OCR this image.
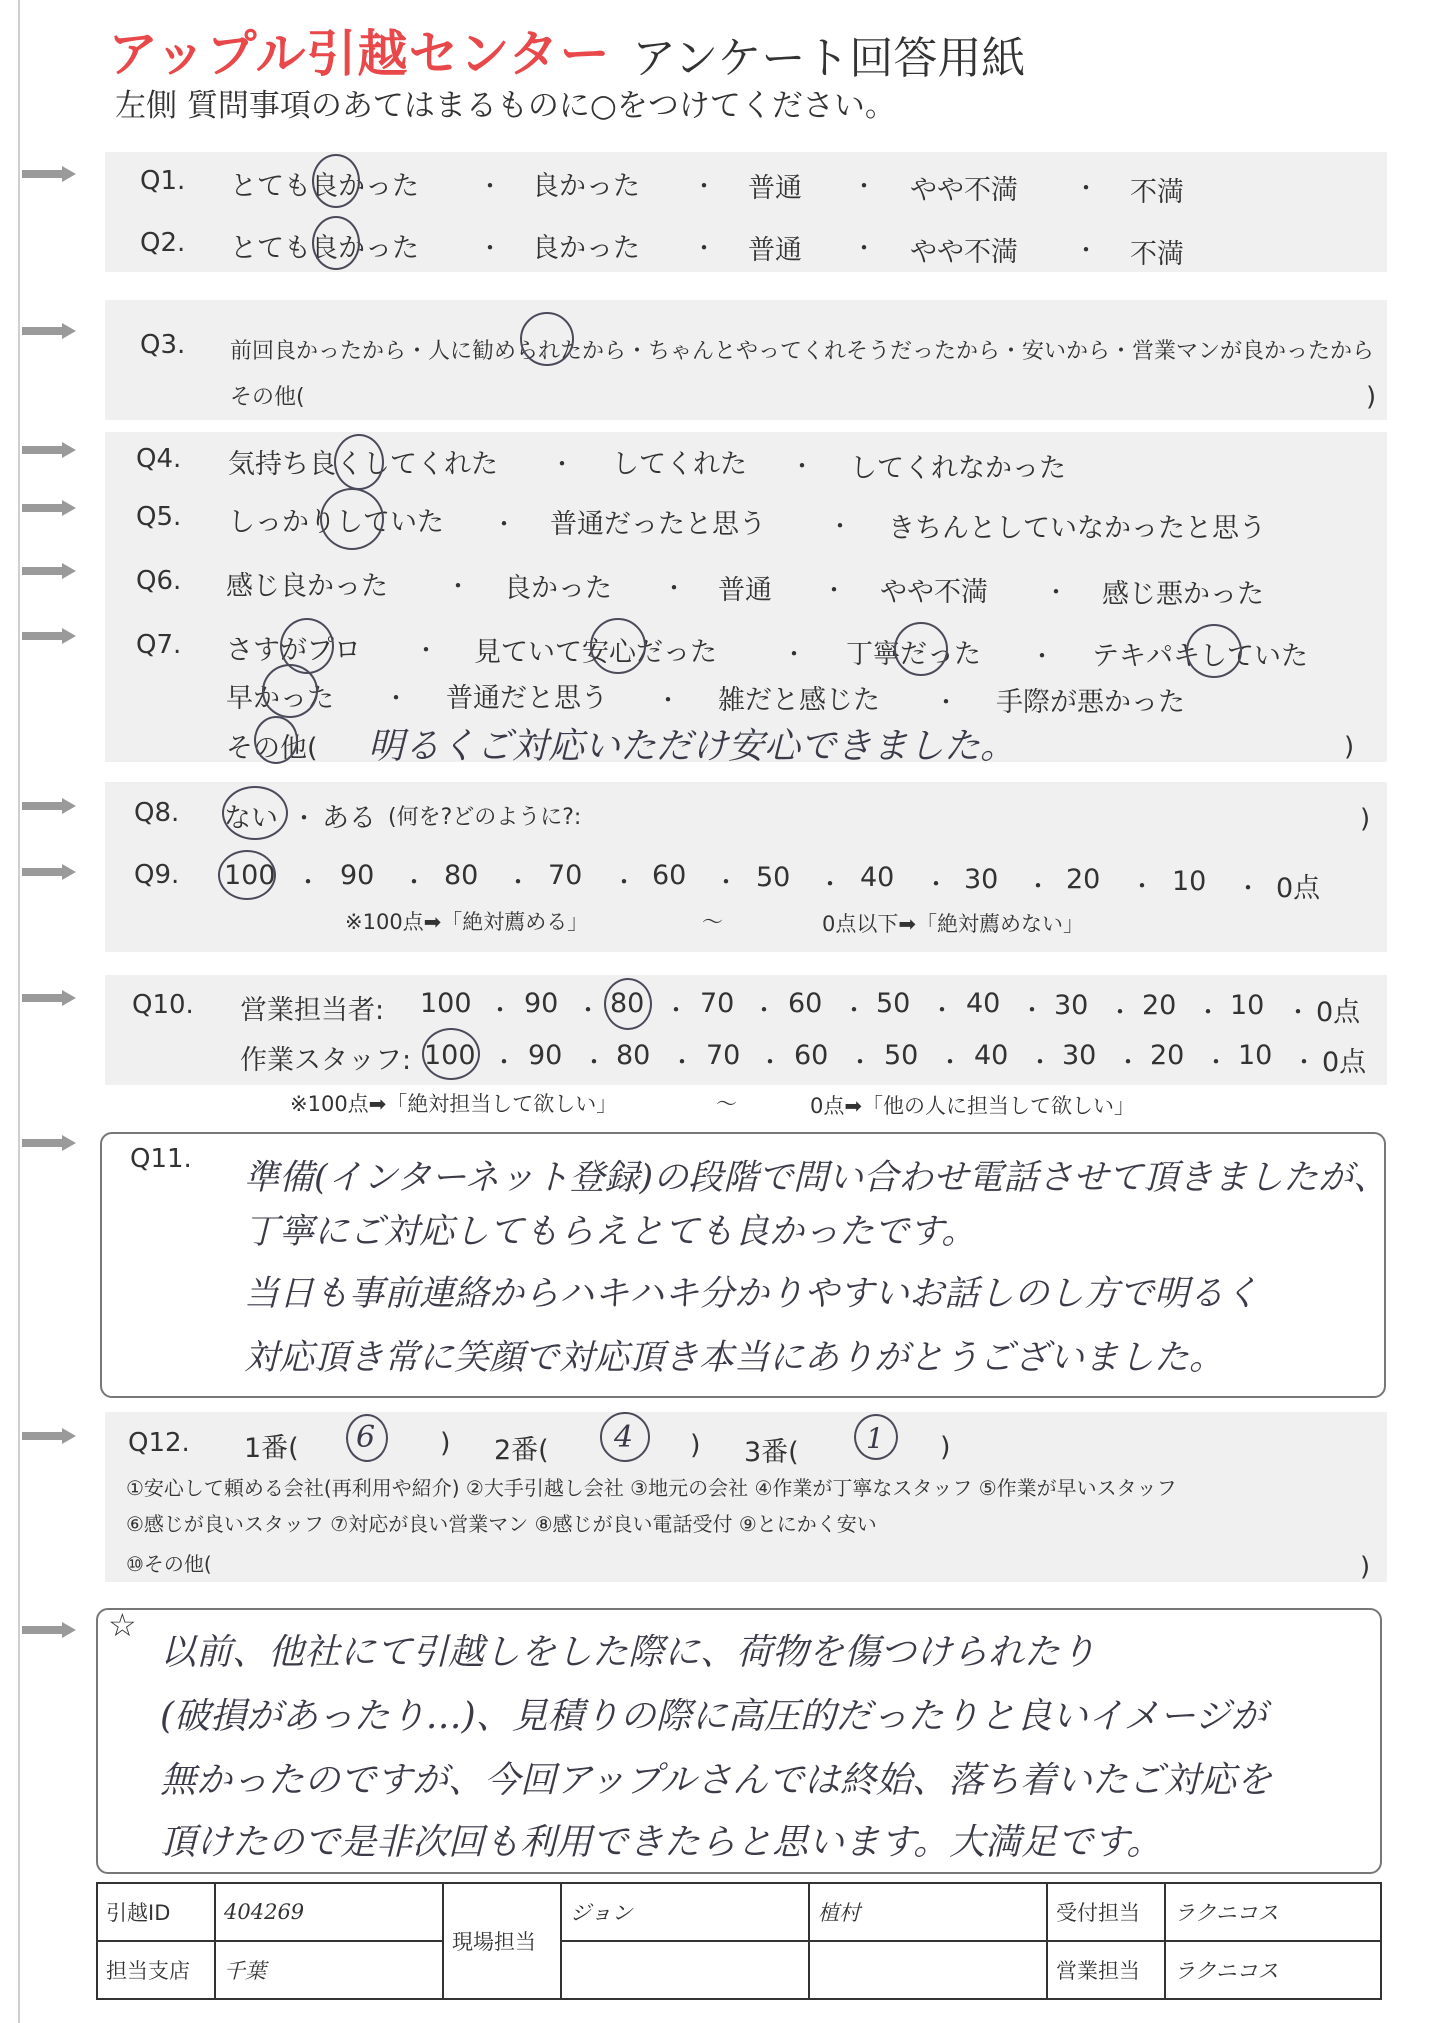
アップル引越センター アンケート回答用紙
左側 質問事項のあてはまるものに○をつけてください。
Q1. とても良かった ・ 良かった ・ 普通 ・ やや不満 ・ 不満
Q2. とても良かった ・ 良かった ・ 普通 ・ やや不満 ・ 不満
Q3. 前回良かったから・人に勧められたから・ちゃんとやってくれそうだったから・安いから・営業マンが良かったから
その他(	)
Q4. 気持ち良くしてくれた ・ してくれた ・ してくれなかった
Q5. しっかりしていた ・ 普通だったと思う	・ きちんとしていなかったと思う
Q6. 感じ良かった ・ 良かった ・ 普通 ・ やや不満 ・ 感じ悪かった
Q7. さすがプロ ・ 見ていて安心だった	・ 丁寧だった ・ テキパキしていた
早かった ・ 普通だと思う ・ 雑だと感じた ・ 手際が悪かった
その他( 明るくご対応いただけ安心できました。	)
Q8. ない ・ ある (何を?どのように?:	)
Q9. 100 ・ 90 ・ 80 ・ 70 ・ 60 ・ 50 ・ 40 ・ 30 ・ 20 ・ 10 ・ 0点
※100点➡「絶対薦める」	〜	0点以下➡「絶対薦めない」
Q10. 営業担当者: 100 ・ 90 ・ 80 ・ 70 ・ 60 ・ 50 ・ 40 ・ 30 ・ 20 ・ 10 ・ 0点
作業スタッフ: 100 ・ 90 ・ 80 ・ 70 ・ 60 ・ 50 ・ 40 ・ 30 ・ 20 ・ 10 ・ 0点
※100点➡「絶対担当して欲しい」	〜	0点➡「他の人に担当して欲しい」
Q11. 準備(インターネット登録)の段階で問い合わせ電話させて頂きましたが、
丁寧にご対応してもらえとても良かったです。
当日も事前連絡からハキハキ分かりやすいお話しのし方で明るく
対応頂き常に笑顔で対応頂き本当にありがとうございました。
Q12. 1番( 6 ) 2番( 4 ) 3番( 1 )
①安心して頼める会社(再利用や紹介) ②大手引越し会社 ③地元の会社 ④作業が丁寧なスタッフ ⑤作業が早いスタッフ
⑥感じが良いスタッフ ⑦対応が良い営業マン ⑧感じが良い電話受付 ⑨とにかく安い
⑩その他(	)
☆
以前、他社にて引越しをした際に、荷物を傷つけられたり
(破損があったり…)、見積りの際に高圧的だったりと良いイメージが
無かったのですが、今回アップルさんでは終始、落ち着いたご対応を
頂けたので是非次回も利用できたらと思います。大満足です。
引越ID	404269	現場担当	ジョン	植村	受付担当	ラクニコス
担当支店	千葉				営業担当	ラクニコス
